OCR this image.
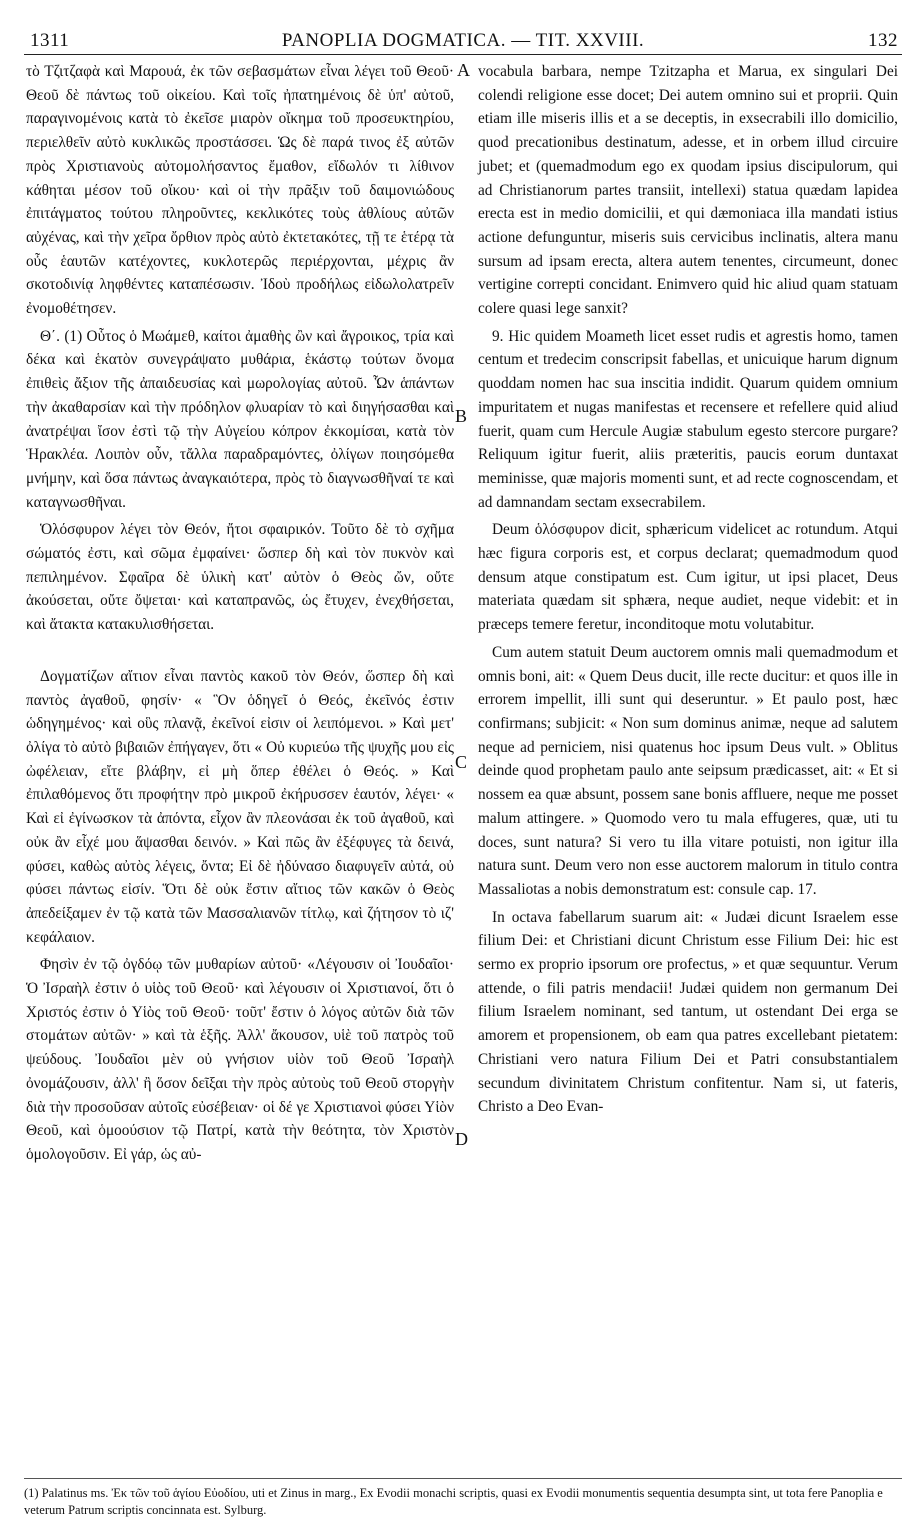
1311	PANOPLIA DOGMATICA. — TIT. XXVIII.	132

τὸ Τζιτζαφὰ καὶ Μαρουά, ἐκ τῶν σεβασμάτων εἶναι λέγει τοῦ Θεοῦ· Θεοῦ δὲ πάντως τοῦ οἰκείου. Καὶ τοῖς ἠπατημένοις δὲ ὑπ' αὐτοῦ, παραγινομένοις κατὰ τὸ ἐκεῖσε μιαρὸν οἴκημα τοῦ προσευκτηρίου, περιελθεῖν αὐτὸ κυκλικῶς προστάσσει. Ὡς δὲ παρά τινος ἐξ αὐτῶν πρὸς Χριστιανοὺς αὐτομολήσαντος ἔμαθον, εἴδωλόν τι λίθινον κάθηται μέσον τοῦ οἴκου· καὶ οἱ τὴν πρᾶξιν τοῦ δαιμονιώδους ἐπιτάγματος τούτου πληροῦντες, κεκλικότες τοὺς ἀθλίους αὐτῶν αὐχένας, καὶ τὴν χεῖρα ὄρθιον πρὸς αὐτὸ ἐκτετακότες, τῇ τε ἑτέρᾳ τὰ οὖς ἑαυτῶν κατέχοντες, κυκλοτερῶς περιέρχονται, μέχρις ἂν σκοτοδινίᾳ ληφθέντες καταπέσωσιν. Ἰδοὺ προδήλως εἰδωλολατρεῖν ἐνομοθέτησεν.

Θ΄. (1) Οὗτος ὁ Μωάμεθ, καίτοι ἀμαθὴς ὢν καὶ ἄγροικος, τρία καὶ δέκα καὶ ἑκατὸν συνεγράψατο μυθάρια, ἑκάστῳ τούτων ὄνομα ἐπιθεὶς ἄξιον τῆς ἀπαιδευσίας καὶ μωρολογίας αὐτοῦ. Ὧν ἁπάντων τὴν ἀκαθαρσίαν καὶ τὴν πρόδηλον φλυαρίαν τὸ καὶ διηγήσασθαι καὶ ἀνατρέψαι ἴσον ἐστὶ τῷ τὴν Αὐγείου κόπρον ἐκκομίσαι, κατὰ τὸν Ἡρακλέα. Λοιπὸν οὖν, τἄλλα παραδραμόντες, ὀλίγων ποιησόμεθα μνήμην, καὶ ὅσα πάντως ἀναγκαιότερα, πρὸς τὸ διαγνωσθῆναί τε καὶ καταγνωσθῆναι.

Ὁλόσφυρον λέγει τὸν Θεόν, ἤτοι σφαιρικόν. Τοῦτο δὲ τὸ σχῆμα σώματός ἐστι, καὶ σῶμα ἐμφαίνει· ὥσπερ δὴ καὶ τὸν πυκνὸν καὶ πεπιλημένον. Σφαῖρα δὲ ὑλικὴ κατ' αὐτὸν ὁ Θεὸς ὤν, οὔτε ἀκούσεται, οὔτε ὄψεται· καὶ καταπρανῶς, ὡς ἔτυχεν, ἐνεχθήσεται, καὶ ἄτακτα κατακυλισθήσεται.

Δογματίζων αἴτιον εἶναι παντὸς κακοῦ τὸν Θεόν, ὥσπερ δὴ καὶ παντὸς ἀγαθοῦ, φησίν· « Ὃν ὁδηγεῖ ὁ Θεός, ἐκεῖνός ἐστιν ὡδηγημένος· καὶ οὓς πλανᾷ, ἐκεῖνοί εἰσιν οἱ λειπόμενοι. » Καὶ μετ' ὀλίγα τὸ αὐτὸ βιβαιῶν ἐπήγαγεν, ὅτι « Οὐ κυριεύω τῆς ψυχῆς μου εἰς ὠφέλειαν, εἴτε βλάβην, εἰ μὴ ὅπερ ἐθέλει ὁ Θεός. » Καὶ ἐπιλαθόμενος ὅτι προφήτην πρὸ μικροῦ ἐκήρυσσεν ἑαυτόν, λέγει· « Καὶ εἰ ἐγίνωσκον τὰ ἀπόντα, εἶχον ἂν πλεονάσαι ἐκ τοῦ ἀγαθοῦ, καὶ οὐκ ἂν εἶχέ μου ἅψασθαι δεινόν. » Καὶ πῶς ἂν ἐξέφυγες τὰ δεινά, φύσει, καθὼς αὐτὸς λέγεις, ὄντα; Εἰ δὲ ἠδύνασο διαφυγεῖν αὐτά, οὐ φύσει πάντως εἰσίν. Ὅτι δὲ οὐκ ἔστιν αἴτιος τῶν κακῶν ὁ Θεὸς ἀπεδείξαμεν ἐν τῷ κατὰ τῶν Μασσαλιανῶν τίτλῳ, καὶ ζήτησον τὸ ιζ' κεφάλαιον.

Φησὶν ἐν τῷ ὀγδόῳ τῶν μυθαρίων αὐτοῦ· «Λέγουσιν οἱ Ἰουδαῖοι· Ὁ Ἰσραὴλ ἐστιν ὁ υἱὸς τοῦ Θεοῦ· καὶ λέγουσιν οἱ Χριστιανοί, ὅτι ὁ Χριστός ἐστιν ὁ Υἱὸς τοῦ Θεοῦ· τοῦτ' ἔστιν ὁ λόγος αὐτῶν διὰ τῶν στομάτων αὐτῶν· » καὶ τὰ ἑξῆς. Ἀλλ' ἄκουσον, υἱὲ τοῦ πατρὸς τοῦ ψεύδους. Ἰουδαῖοι μὲν οὐ γνήσιον υἱὸν τοῦ Θεοῦ Ἰσραὴλ ὀνομάζουσιν, ἀλλ' ἢ ὅσον δεῖξαι τὴν πρὸς αὐτοὺς τοῦ Θεοῦ στοργὴν διὰ τὴν προσοῦσαν αὐτοῖς εὐσέβειαν· οἱ δέ γε Χριστιανοὶ φύσει Υἱὸν Θεοῦ, καὶ ὁμοούσιον τῷ Πατρί, κατὰ τὴν θεότητα, τὸν Χριστὸν ὁμολογοῦσιν. Εἰ γάρ, ὡς αὐ-

A
B
C
D

vocabula barbara, nempe Tzitzapha et Marua, ex singulari Dei colendi religione esse docet; Dei autem omnino sui et proprii. Quin etiam ille miseris illis et a se deceptis, in exsecrabili illo domicilio, quod precationibus destinatum, adesse, et in orbem illud circuire jubet; et (quemadmodum ego ex quodam ipsius discipulorum, qui ad Christianorum partes transiit, intellexi) statua quædam lapidea erecta est in medio domicilii, et qui dæmoniaca illa mandati istius actione defunguntur, miseris suis cervicibus inclinatis, altera manu sursum ad ipsam erecta, altera autem tenentes, circumeunt, donec vertigine correpti concidant. Enimvero quid hic aliud quam statuam colere quasi lege sanxit?

9. Hic quidem Moameth licet esset rudis et agrestis homo, tamen centum et tredecim conscripsit fabellas, et unicuique harum dignum quoddam nomen hac sua inscitia indidit. Quarum quidem omnium impuritatem et nugas manifestas et recensere et refellere quid aliud fuerit, quam cum Hercule Augiæ stabulum egesto stercore purgare? Reliquum igitur fuerit, aliis præteritis, paucis eorum duntaxat meminisse, quæ majoris momenti sunt, et ad recte cognoscendam, et ad damnandam sectam exsecrabilem.

Deum ὁλόσφυρον dicit, sphæricum videlicet ac rotundum. Atqui hæc figura corporis est, et corpus declarat; quemadmodum quod densum atque constipatum est. Cum igitur, ut ipsi placet, Deus materiata quædam sit sphæra, neque audiet, neque videbit: et in præceps temere feretur, inconditoque motu volutabitur.

Cum autem statuit Deum auctorem omnis mali quemadmodum et omnis boni, ait: « Quem Deus ducit, ille recte ducitur: et quos ille in errorem impellit, illi sunt qui deseruntur. » Et paulo post, hæc confirmans; subjicit: « Non sum dominus animæ, neque ad salutem neque ad perniciem, nisi quatenus hoc ipsum Deus vult. » Oblitus deinde quod prophetam paulo ante seipsum prædicasset, ait: « Et si nossem ea quæ absunt, possem sane bonis affluere, neque me posset malum attingere. » Quomodo vero tu mala effugeres, quæ, uti tu doces, sunt natura? Si vero tu illa vitare potuisti, non igitur illa natura sunt. Deum vero non esse auctorem malorum in titulo contra Massaliotas a nobis demonstratum est: consule cap. 17.

In octava fabellarum suarum ait: « Judæi dicunt Israelem esse filium Dei: et Christiani dicunt Christum esse Filium Dei: hic est sermo ex proprio ipsorum ore profectus, » et quæ sequuntur. Verum attende, o fili patris mendacii! Judæi quidem non germanum Dei filium Israelem nominant, sed tantum, ut ostendant Dei erga se amorem et propensionem, ob eam qua patres excellebant pietatem: Christiani vero natura Filium Dei et Patri consubstantialem secundum divinitatem Christum confitentur. Nam si, ut fateris, Christo a Deo Evan-

(1) Palatinus ms. Ἐκ τῶν τοῦ ἁγίου Εὐοδίου, uti et Zinus in marg., Ex Evodii monachi scriptis, quasi ex Evodii monumentis sequentia desumpta sint, ut tota fere Panoplia e veterum Patrum scriptis concinnata est. Sylburg.
